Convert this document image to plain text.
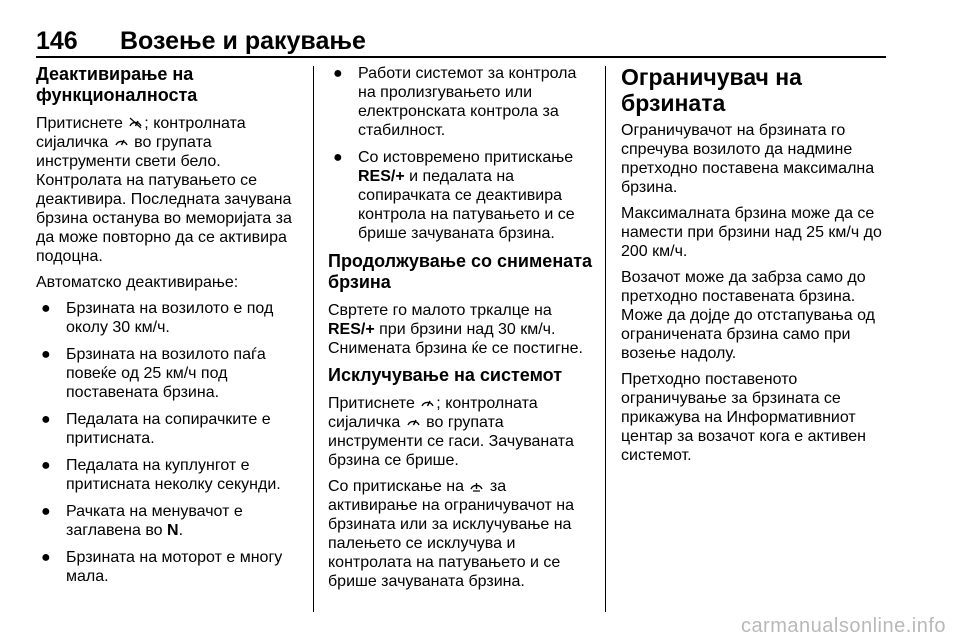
146 Возење и ракување
Деактивирање на функционалноста

Притиснете ; контролната сијаличка  во групата инструменти свети бело. Контролата на патувањето се деактивира. Последната зачувана брзина останува во меморијата за да може повторно да се активира подоцна.

Автоматско деактивирање:

● Брзината на возилото е под околу 30 км/ч.
● Брзината на возилото паѓа повеќе од 25 км/ч под поставената брзина.
● Педалата на сопирачките е притисната.
● Педалата на куплунгот е притисната неколку секунди.
● Рачката на менувачот е заглавена во N.
● Брзината на моторот е многу мала.
● Работи системот за контрола на пролизгувањето или електронската контрола за стабилност.
● Со истовремено притискање RES/+ и педалата на сопирачката се деактивира контрола на патувањето и се брише зачуваната брзина.
Продолжување со снимената брзина

Свртете го малото тркалце на RES/+ при брзини над 30 км/ч. Снимената брзина ќе се постигне.

Исклучување на системот

Притиснете ; контролната сијаличка  во групата инструменти се гаси. Зачуваната брзина се брише.

Со притискање на  за активирање на ограничувачот на брзината или за исклучување на палењето се исклучува и контролата на патувањето и се брише зачуваната брзина.

Ограничувач на брзината

Ограничувачот на брзината го спречува возилото да надмине претходно поставена максимална брзина.

Максималната брзина може да се намести при брзини над 25 км/ч до 200 км/ч.

Возачот може да забрза само до претходно поставената брзина. Може да дојде до отстапувања од ограничената брзина само при возење надолу.

Претходно поставеното ограничување за брзината се прикажува на Информативниот центар за возачот кога е активен системот.

carmanualsonline.info
